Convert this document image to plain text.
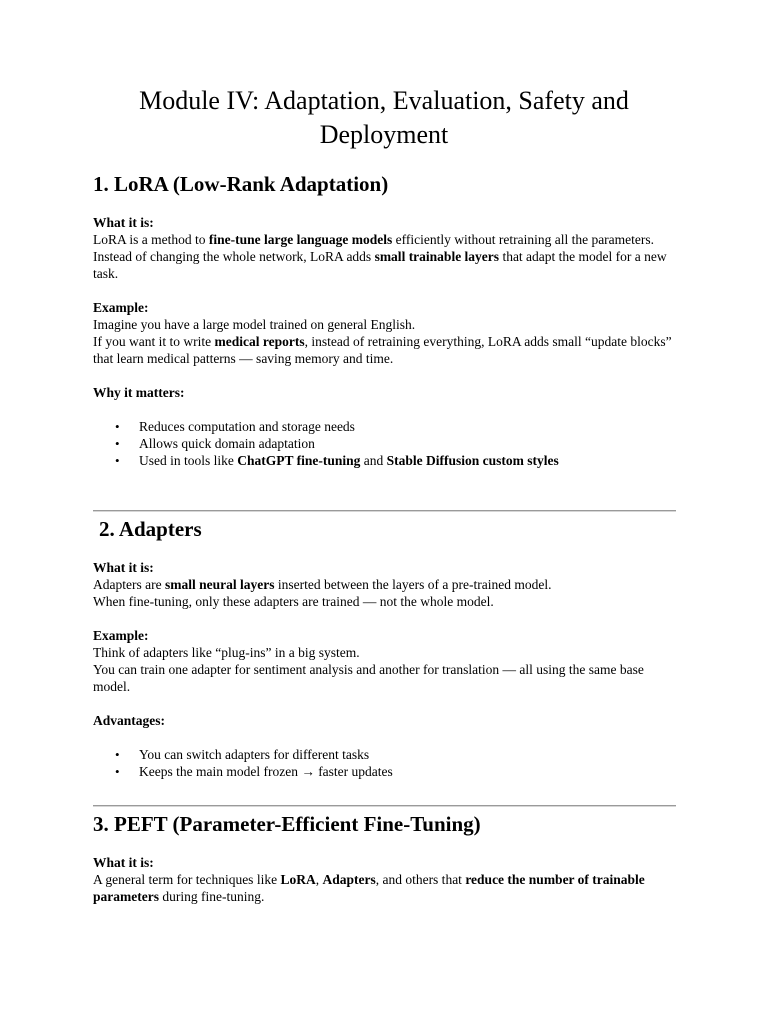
Module IV: Adaptation, Evaluation, Safety and Deployment
1. LoRA (Low-Rank Adaptation)

What it is:

LoRA is a method to fine-tune large language models efficiently without retraining all the parameters.

Instead of changing the whole network, LoRA adds small trainable layers that adapt the model for a new task.

Example:

Imagine you have a large model trained on general English.

If you want it to write medical reports, instead of retraining everything, LoRA adds small “update blocks” that learn medical patterns — saving memory and time.

Why it matters:

• Reduces computation and storage needs
• Allows quick domain adaptation
• Used in tools like ChatGPT fine-tuning and Stable Diffusion custom styles
2. Adapters

What it is:

Adapters are small neural layers inserted between the layers of a pre-trained model.

When fine-tuning, only these adapters are trained — not the whole model.

Example:

Think of adapters like “plug-ins” in a big system.

You can train one adapter for sentiment analysis and another for translation — all using the same base model.

Advantages:

• You can switch adapters for different tasks
• Keeps the main model frozen → faster updates
3. PEFT (Parameter-Efficient Fine-Tuning)

What it is:

A general term for techniques like LoRA, Adapters, and others that reduce the number of trainable parameters during fine-tuning.
